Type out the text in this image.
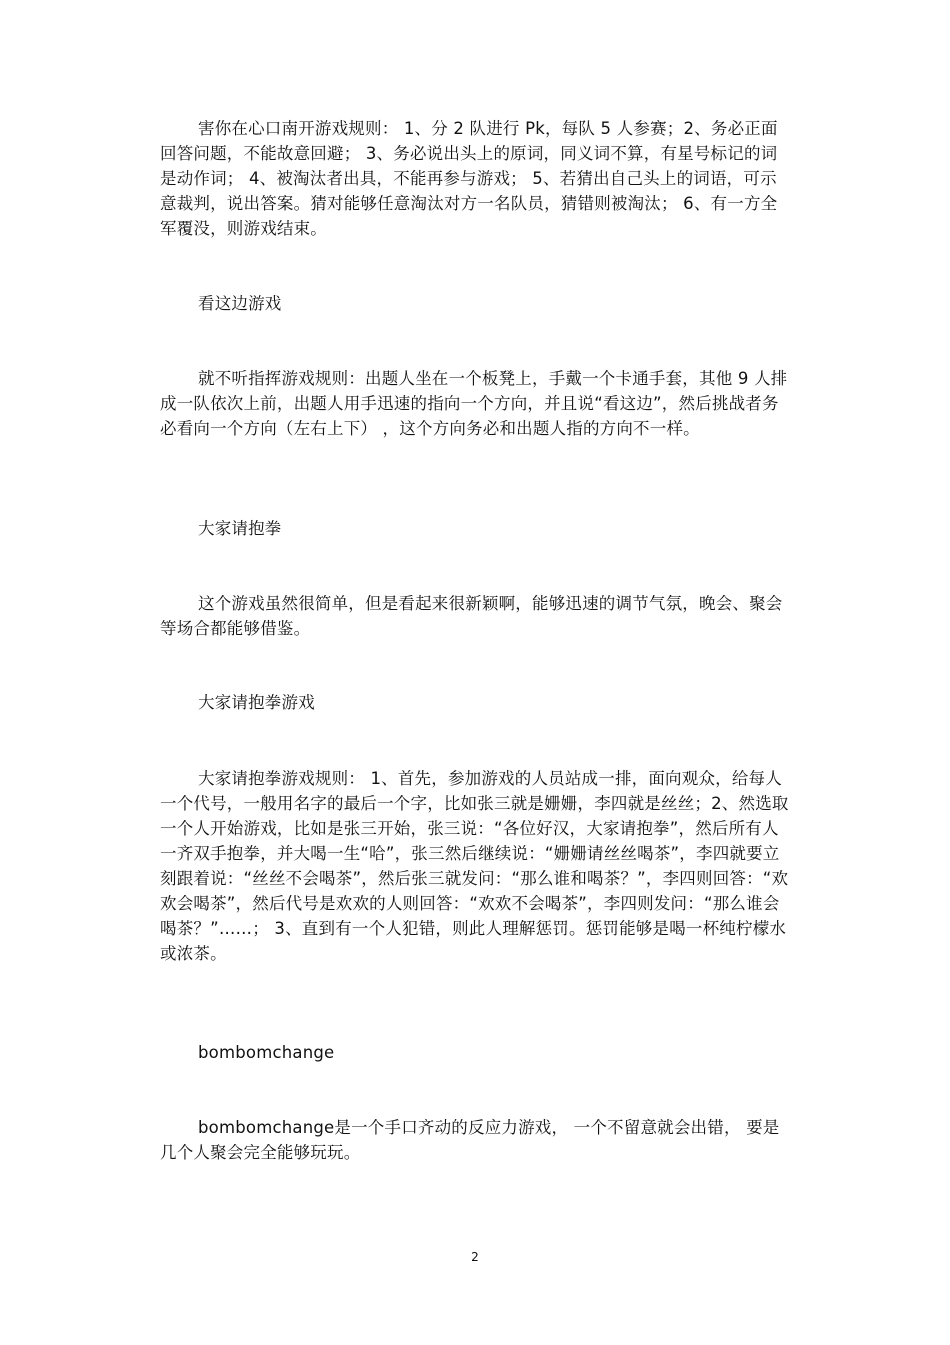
害你在心口南开游戏规则： 1、分 2 队进行 Pk，每队 5 人参赛；2、务必正面回答问题，不能故意回避； 3、务必说出头上的原词，同义词不算，有星号标记的词是动作词； 4、被淘汰者出具，不能再参与游戏； 5、若猜出自己头上的词语，可示意裁判，说出答案。猜对能够任意淘汰对方一名队员，猜错则被淘汰； 6、有一方全军覆没，则游戏结束。

看这边游戏

就不听指挥游戏规则：出题人坐在一个板凳上，手戴一个卡通手套，其他 9 人排成一队依次上前，出题人用手迅速的指向一个方向，并且说“看这边”，然后挑战者务必看向一个方向（左右上下） ，这个方向务必和出题人指的方向不一样。

大家请抱拳

这个游戏虽然很简单，但是看起来很新颖啊，能够迅速的调节气氛，晚会、聚会等场合都能够借鉴。

大家请抱拳游戏

大家请抱拳游戏规则： 1、首先，参加游戏的人员站成一排，面向观众，给每人一个代号，一般用名字的最后一个字，比如张三就是姗姗，李四就是丝丝；2、然选取一个人开始游戏，比如是张三开始，张三说：“各位好汉，大家请抱拳”，然后所有人一齐双手抱拳，并大喝一生“哈”，张三然后继续说：“姗姗请丝丝喝茶”，李四就要立刻跟着说：“丝丝不会喝茶”，然后张三就发问：“那么谁和喝茶？”，李四则回答：“欢欢会喝茶”，然后代号是欢欢的人则回答：“欢欢不会喝茶”，李四则发问：“那么谁会喝茶？”……； 3、直到有一个人犯错，则此人理解惩罚。惩罚能够是喝一杯纯柠檬水或浓茶。

bombomchange

bombomchange是一个手口齐动的反应力游戏， 一个不留意就会出错， 要是几个人聚会完全能够玩玩。

2
